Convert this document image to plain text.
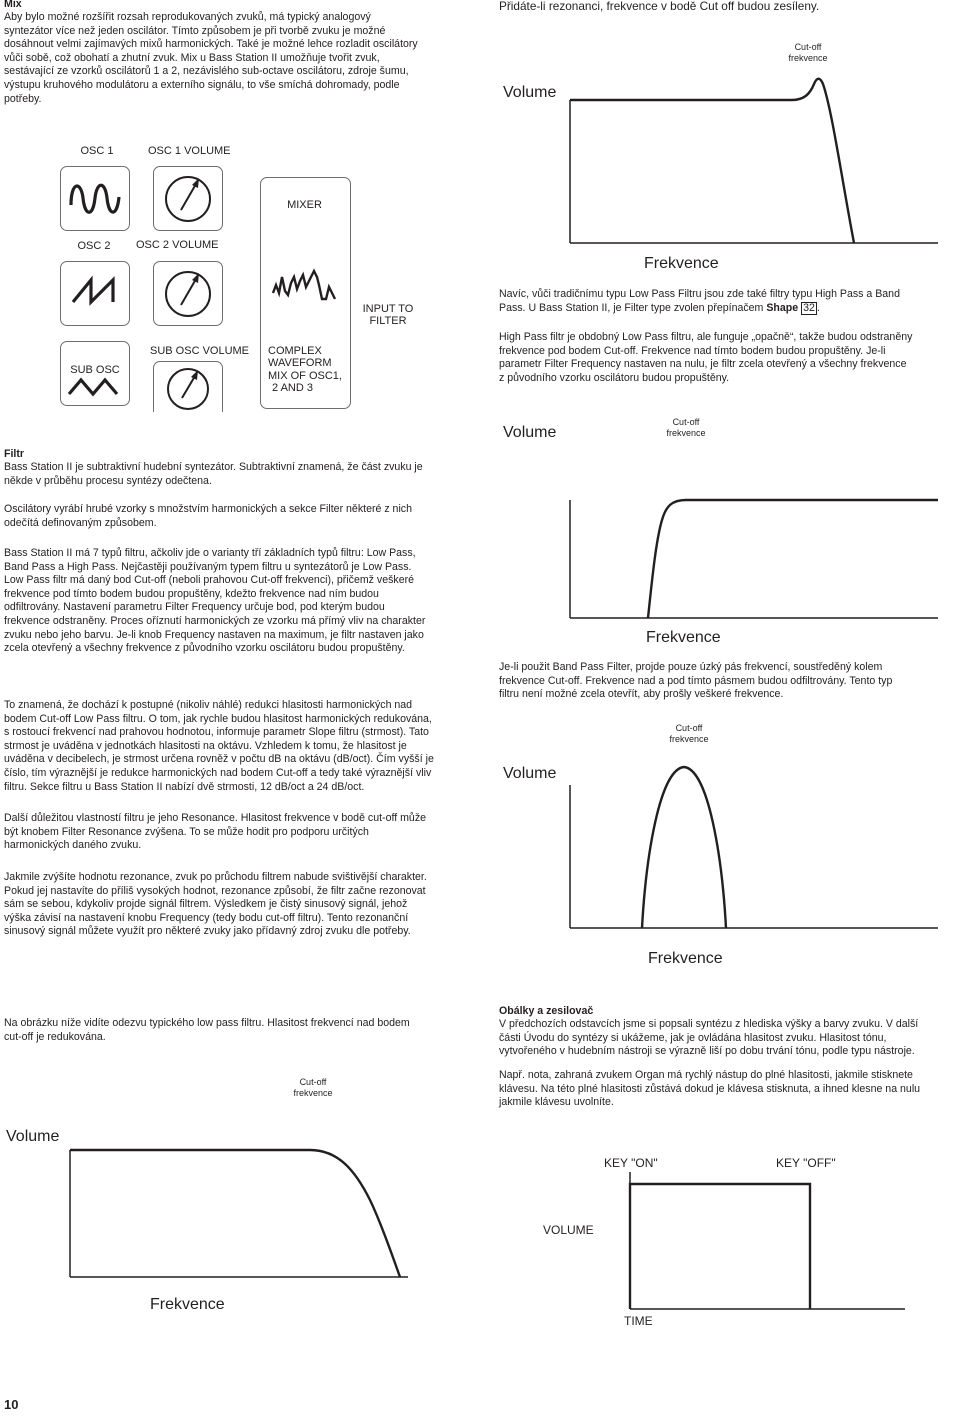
Mix
Aby bylo možné rozšířit rozsah reprodukovaných zvuků, má typický analogový
syntezátor více než jeden oscilátor. Tímto způsobem je při tvorbě zvuku je možné
dosáhnout velmi zajímavých mixů harmonických. Také je možné lehce rozladit oscilátory
vůči sobě, což obohatí a zhutní zvuk. Mix u Bass Station II umožňuje tvořit zvuk,
sestávající ze vzorků oscilátorů 1 a 2, nezávislého sub-octave oscilátoru, zdroje šumu,
výstupu kruhového modulátoru a externího signálu, to vše smíchá dohromady, podle
potřeby.
OSC 1	OSC 1 VOLUME
MIXER
COMPLEX
WAVEFORM
MIX OF OSC1,
2 AND 3
INPUT TO
FILTER
OSC 2	OSC 2 VOLUME
SUB OSC VOLUME
SUB OSC
Filtr
Bass Station II je subtraktivní hudební syntezátor. Subtraktivní znamená, že část zvuku je
někde v průběhu procesu syntézy odečtena.
Oscilátory vyrábí hrubé vzorky s množstvím harmonických a sekce Filter některé z nich
odečítá definovaným způsobem.
Bass Station II má 7 typů filtru, ačkoliv jde o varianty tří základních typů filtru: Low Pass,
Band Pass a High Pass. Nejčastěji používaným typem filtru u syntezátorů je Low Pass.
Low Pass filtr má daný bod Cut-off (neboli prahovou Cut-off frekvenci), přičemž veškeré
frekvence pod tímto bodem budou propuštěny, kdežto frekvence nad ním budou
odfiltrovány. Nastavení parametru Filter Frequency určuje bod, pod kterým budou
frekvence odstraněny. Proces oříznutí harmonických ze vzorku má přímý vliv na charakter
zvuku nebo jeho barvu. Je-li knob Frequency nastaven na maximum, je filtr nastaven jako
zcela otevřený a všechny frekvence z původního vzorku oscilátoru budou propuštěny.
To znamená, že dochází k postupné (nikoliv náhlé) redukci hlasitosti harmonických nad
bodem Cut-off Low Pass filtru. O tom, jak rychle budou hlasitost harmonických redukována,
s rostoucí frekvencí nad prahovou hodnotou, informuje parametr Slope filtru (strmost). Tato
strmost je uváděna v jednotkách hlasitosti na oktávu. Vzhledem k tomu, že hlasitost je
uváděna v decibelech, je strmost určena rovněž v počtu dB na oktávu (dB/oct). Čím vyšší je
číslo, tím výraznější je redukce harmonických nad bodem Cut-off a tedy také výraznější vliv
filtru. Sekce filtru u Bass Station II nabízí dvě strmosti, 12 dB/oct a 24 dB/oct.
Další důležitou vlastností filtru je jeho Resonance. Hlasitost frekvence v bodě cut-off může
být knobem Filter Resonance zvýšena. To se může hodit pro podporu určitých
harmonických daného zvuku.
Jakmile zvýšíte hodnotu rezonance, zvuk po průchodu filtrem nabude svištivější charakter.
Pokud jej nastavíte do příliš vysokých hodnot, rezonance způsobí, že filtr začne rezonovat
sám se sebou, kdykoliv projde signál filtrem. Výsledkem je čistý sinusový signál, jehož
výška závisí na nastavení knobu Frequency (tedy bodu cut-off filtru). Tento rezonanční
sinusový signál můžete využít pro některé zvuky jako přídavný zdroj zvuku dle potřeby.
Na obrázku níže vidíte odezvu typického low pass filtru. Hlasitost frekvencí nad bodem
cut-off je redukována.
Cut-off
frekvence
Volume
Frekvence
Přidáte-li rezonanci, frekvence v bodě Cut off budou zesíleny.
Cut-off
frekvence
Volume
Frekvence
Navíc, vůči tradičnímu typu Low Pass Filtru jsou zde také filtry typu High Pass a Band
Pass. U Bass Station II, je Filter type zvolen přepínačem Shape 32 .
High Pass filtr je obdobný Low Pass filtru, ale funguje „opačně“, takže budou odstraněny
frekvence pod bodem Cut-off. Frekvence nad tímto bodem budou propuštěny. Je-li
parametr Filter Frequency nastaven na nulu, je filtr zcela otevřený a všechny frekvence
z původního vzorku oscilátoru budou propuštěny.
Cut-off
frekvence
Volume
Frekvence
Je-li použit Band Pass Filter, projde pouze úzký pás frekvencí, soustředěný kolem
frekvence Cut-off. Frekvence nad a pod tímto pásmem budou odfiltrovány. Tento typ
filtru není možné zcela otevřít, aby prošly veškeré frekvence.
Cut-off
frekvence
Volume
Frekvence
Obálky a zesilovač
V předchozích odstavcích jsme si popsali syntézu z hlediska výšky a barvy zvuku. V další
části Úvodu do syntézy si ukážeme, jak je ovládána hlasitost zvuku. Hlasitost tónu,
vytvořeného v hudebním nástroji se výrazně liší po dobu trvání tónu, podle typu nástroje.
Např. nota, zahraná zvukem Organ má rychlý nástup do plné hlasitosti, jakmile stisknete
klávesu. Na této plné hlasitosti zůstává dokud je klávesa stisknuta, a ihned klesne na nulu
jakmile klávesu uvolníte.
KEY "ON"	KEY "OFF"
VOLUME
TIME
10
